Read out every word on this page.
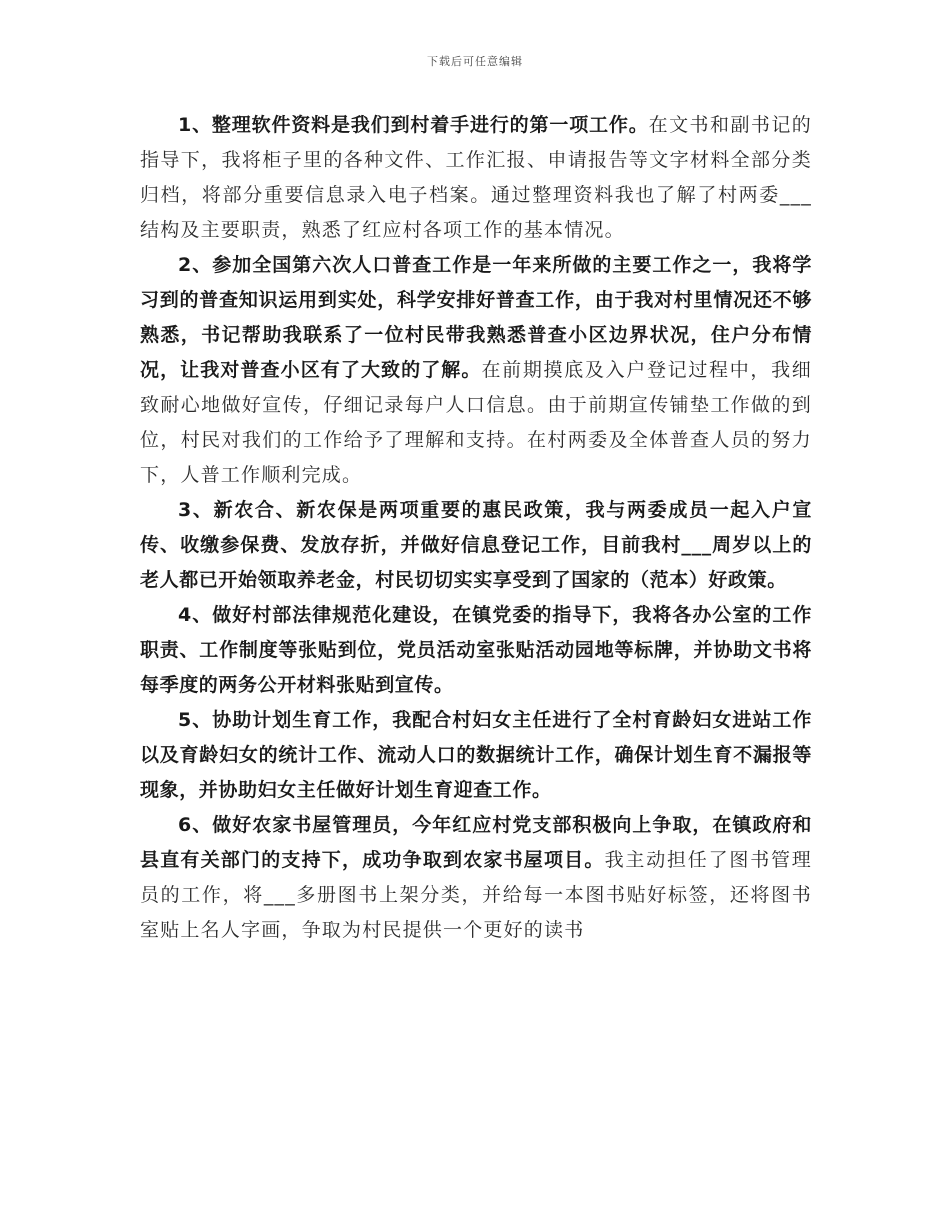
下载后可任意编辑

1、整理软件资料是我们到村着手进行的第一项工作。在文书和副书记的指导下，我将柜子里的各种文件、工作汇报、申请报告等文字材料全部分类归档，将部分重要信息录入电子档案。通过整理资料我也了解了村两委___结构及主要职责，熟悉了红应村各项工作的基本情况。

2、参加全国第六次人口普查工作是一年来所做的主要工作之一，我将学习到的普查知识运用到实处，科学安排好普查工作，由于我对村里情况还不够熟悉，书记帮助我联系了一位村民带我熟悉普查小区边界状况，住户分布情况，让我对普查小区有了大致的了解。在前期摸底及入户登记过程中，我细致耐心地做好宣传，仔细记录每户人口信息。由于前期宣传铺垫工作做的到位，村民对我们的工作给予了理解和支持。在村两委及全体普查人员的努力下，人普工作顺利完成。

3、新农合、新农保是两项重要的惠民政策，我与两委成员一起入户宣传、收缴参保费、发放存折，并做好信息登记工作，目前我村___周岁以上的老人都已开始领取养老金，村民切切实实享受到了国家的（范本）好政策。

4、做好村部法律规范化建设，在镇党委的指导下，我将各办公室的工作职责、工作制度等张贴到位，党员活动室张贴活动园地等标牌，并协助文书将每季度的两务公开材料张贴到宣传。

5、协助计划生育工作，我配合村妇女主任进行了全村育龄妇女进站工作以及育龄妇女的统计工作、流动人口的数据统计工作，确保计划生育不漏报等现象，并协助妇女主任做好计划生育迎查工作。

6、做好农家书屋管理员，今年红应村党支部积极向上争取，在镇政府和县直有关部门的支持下，成功争取到农家书屋项目。我主动担任了图书管理员的工作，将___多册图书上架分类，并给每一本图书贴好标签，还将图书室贴上名人字画，争取为村民提供一个更好的读书
